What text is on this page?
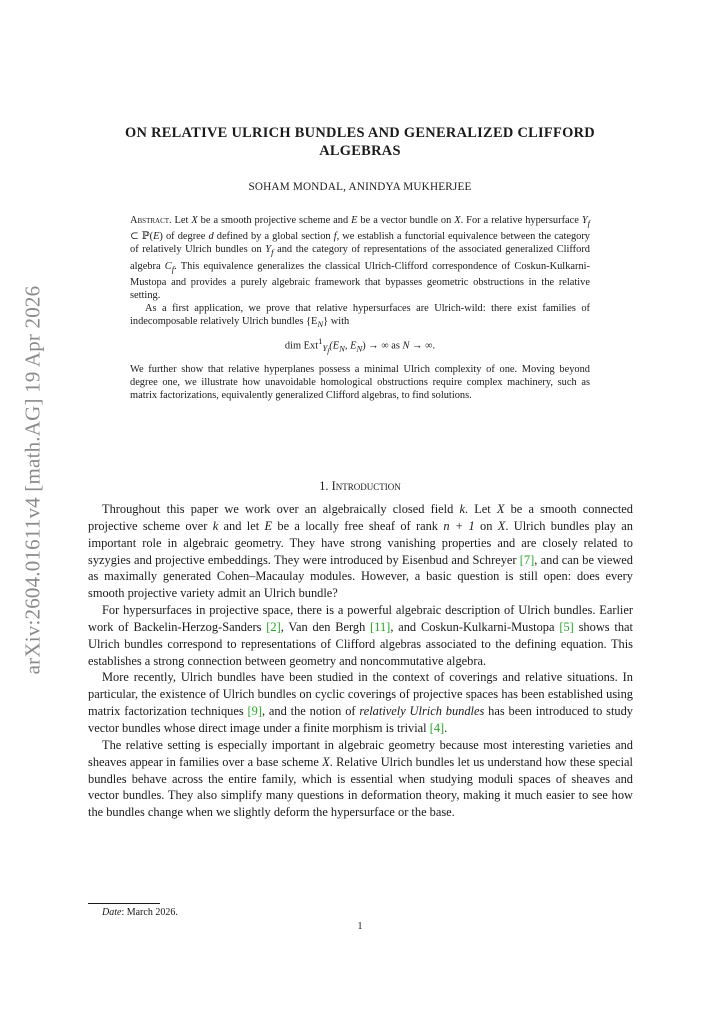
arXiv:2604.01611v4 [math.AG] 19 Apr 2026
ON RELATIVE ULRICH BUNDLES AND GENERALIZED CLIFFORD
ALGEBRAS
SOHAM MONDAL, ANINDYA MUKHERJEE

Abstract. Let X be a smooth projective scheme and E be a vector bundle on X. For a relative hypersurface $Y_f$ ⊂ ℙ(E) of degree d defined by a global section f, we establish a functorial equivalence between the category of relatively Ulrich bundles on $Y_f$ and the category of representations of the associated generalized Clifford algebra $C_f$. This equivalence generalizes the classical Ulrich-Clifford correspondence of Coskun-Kulkarni-Mustopa and provides a purely algebraic framework that bypasses geometric obstructions in the relative setting.

As a first application, we prove that relative hypersurfaces are Ulrich-wild: there exist families of indecomposable relatively Ulrich bundles $\{E_N\}$ with

dim $Ext^1_{Y_f}(E_N$, $E_N$) → ∞ as N → ∞.

We further show that relative hyperplanes possess a minimal Ulrich complexity of one. Moving beyond degree one, we illustrate how unavoidable homological obstructions require complex machinery, such as matrix factorizations, equivalently generalized Clifford algebras, to find solutions.

1. Introduction

Throughout this paper we work over an algebraically closed field k. Let X be a smooth connected projective scheme over k and let E be a locally free sheaf of rank n + 1 on X. Ulrich bundles play an important role in algebraic geometry. They have strong vanishing properties and are closely related to syzygies and projective embeddings. They were introduced by Eisenbud and Schreyer [7], and can be viewed as maximally generated Cohen–Macaulay modules. However, a basic question is still open: does every smooth projective variety admit an Ulrich bundle?

For hypersurfaces in projective space, there is a powerful algebraic description of Ulrich bundles. Earlier work of Backelin-Herzog-Sanders [2], Van den Bergh [11], and Coskun-Kulkarni-Mustopa [5] shows that Ulrich bundles correspond to representations of Clifford algebras associated to the defining equation. This establishes a strong connection between geometry and noncommutative algebra.

More recently, Ulrich bundles have been studied in the context of coverings and relative situations. In particular, the existence of Ulrich bundles on cyclic coverings of projective spaces has been established using matrix factorization techniques [9], and the notion of relatively Ulrich bundles has been introduced to study vector bundles whose direct image under a finite morphism is trivial [4].

The relative setting is especially important in algebraic geometry because most interesting varieties and sheaves appear in families over a base scheme X. Relative Ulrich bundles let us understand how these special bundles behave across the entire family, which is essential when studying moduli spaces of sheaves and vector bundles. They also simplify many questions in deformation theory, making it much easier to see how the bundles change when we slightly deform the hypersurface or the base.

Date: March 2026.
1
